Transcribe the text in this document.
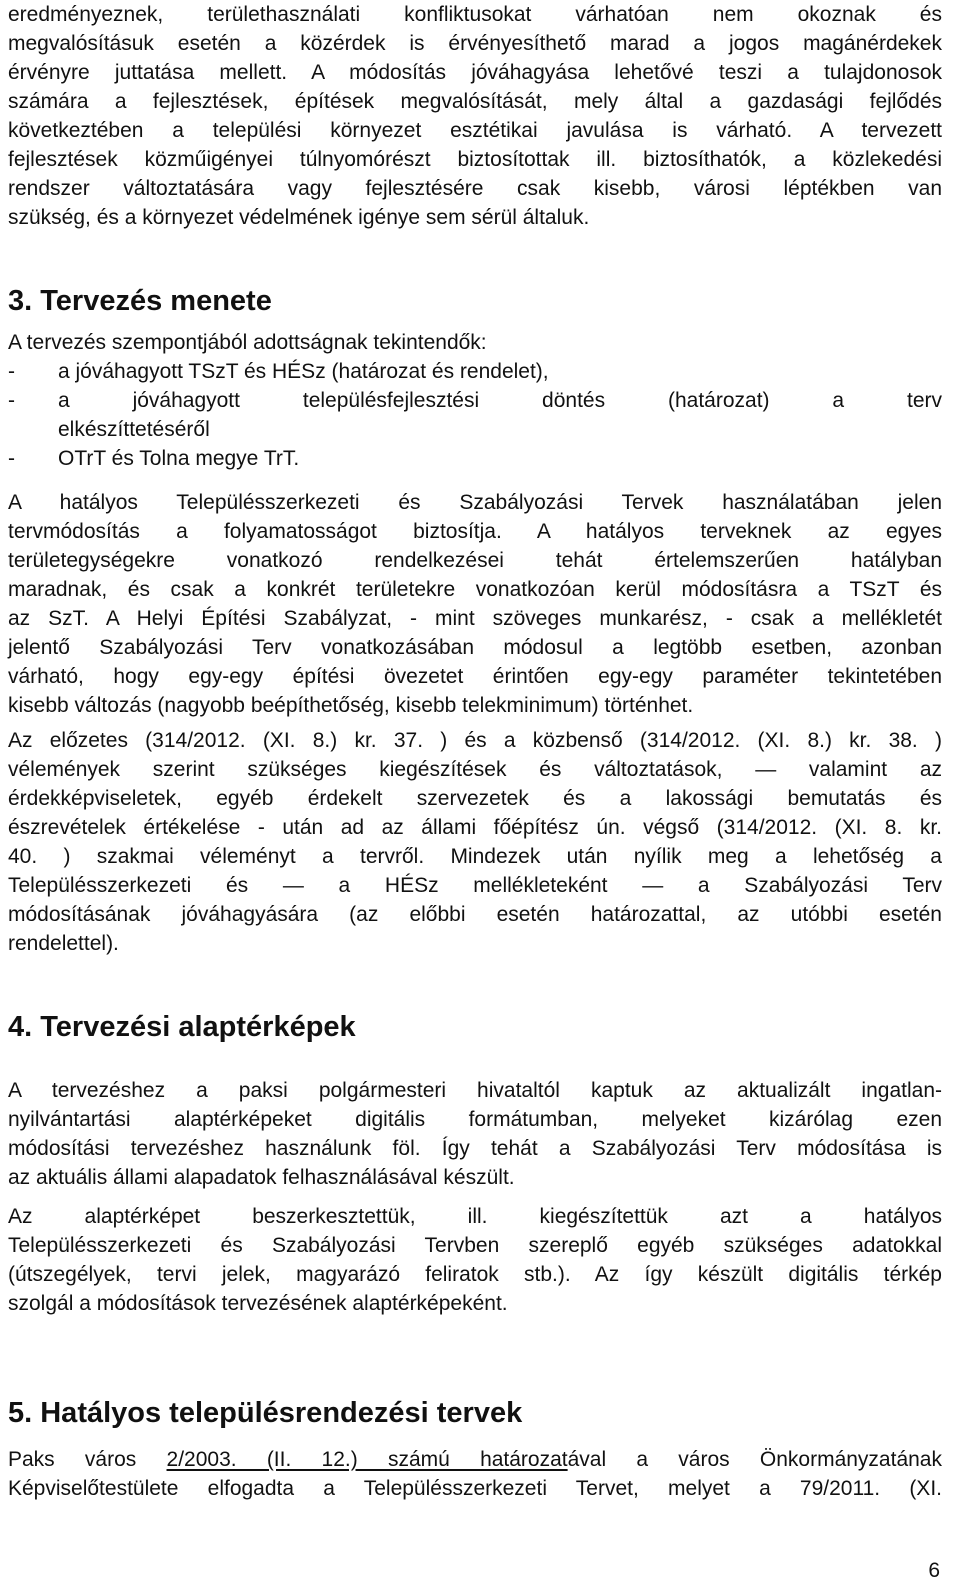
eredményeznek, területhasználati konfliktusokat várhatóan nem okoznak és
megvalósításuk esetén a közérdek is érvényesíthető marad a jogos magánérdekek
érvényre juttatása mellett. A módosítás jóváhagyása lehetővé teszi a tulajdonosok
számára a fejlesztések, építések megvalósítását, mely által a gazdasági fejlődés
következtében a települési környezet esztétikai javulása is várható. A tervezett
fejlesztések közműigényei túlnyomórészt biztosítottak ill. biztosíthatók, a közlekedési
rendszer változtatására vagy fejlesztésére csak kisebb, városi léptékben van
szükség, és a környezet védelmének igénye sem sérül általuk.
3. Tervezés menete
A tervezés szempontjából adottságnak tekintendők:
- a jóváhagyott TSzT és HÉSz (határozat és rendelet),
- a jóváhagyott településfejlesztési döntés (határozat) a terv
elkészíttetéséről
- OTrT és Tolna megye TrT.
A hatályos Településszerkezeti és Szabályozási Tervek használatában jelen
tervmódosítás a folyamatosságot biztosítja. A hatályos terveknek az egyes
területegységekre vonatkozó rendelkezései tehát értelemszerűen hatályban
maradnak, és csak a konkrét területekre vonatkozóan kerül módosításra a TSzT és
az SzT. A Helyi Építési Szabályzat, - mint szöveges munkarész, - csak a mellékletét
jelentő Szabályozási Terv vonatkozásában módosul a legtöbb esetben, azonban
várható, hogy egy-egy építési övezetet érintően egy-egy paraméter tekintetében
kisebb változás (nagyobb beépíthetőség, kisebb telekminimum) történhet.
Az előzetes (314/2012. (XI. 8.) kr. 37. ) és a közbenső (314/2012. (XI. 8.) kr. 38. )
vélemények szerint szükséges kiegészítések és változtatások, — valamint az
érdekképviseletek, egyéb érdekelt szervezetek és a lakossági bemutatás és
észrevételek értékelése - után ad az állami főépítész ún. végső (314/2012. (XI. 8. kr.
40. ) szakmai véleményt a tervről. Mindezek után nyílik meg a lehetőség a
Településszerkezeti és — a HÉSz mellékleteként — a Szabályozási Terv
módosításának jóváhagyására (az előbbi esetén határozattal, az utóbbi esetén
rendelettel).
4. Tervezési alaptérképek
A tervezéshez a paksi polgármesteri hivataltól kaptuk az aktualizált ingatlan-
nyilvántartási alaptérképeket digitális formátumban, melyeket kizárólag ezen
módosítási tervezéshez használunk föl. Így tehát a Szabályozási Terv módosítása is
az aktuális állami alapadatok felhasználásával készült.
Az alaptérképet beszerkesztettük, ill. kiegészítettük azt a hatályos
Településszerkezeti és Szabályozási Tervben szereplő egyéb szükséges adatokkal
(útszegélyek, tervi jelek, magyarázó feliratok stb.). Az így készült digitális térkép
szolgál a módosítások tervezésének alaptérképeként.
5. Hatályos településrendezési tervek
Paks város 2/2003. (II. 12.) számú határozatával a város Önkormányzatának
Képviselőtestülete elfogadta a Településszerkezeti Tervet, melyet a 79/2011. (XI.
6
